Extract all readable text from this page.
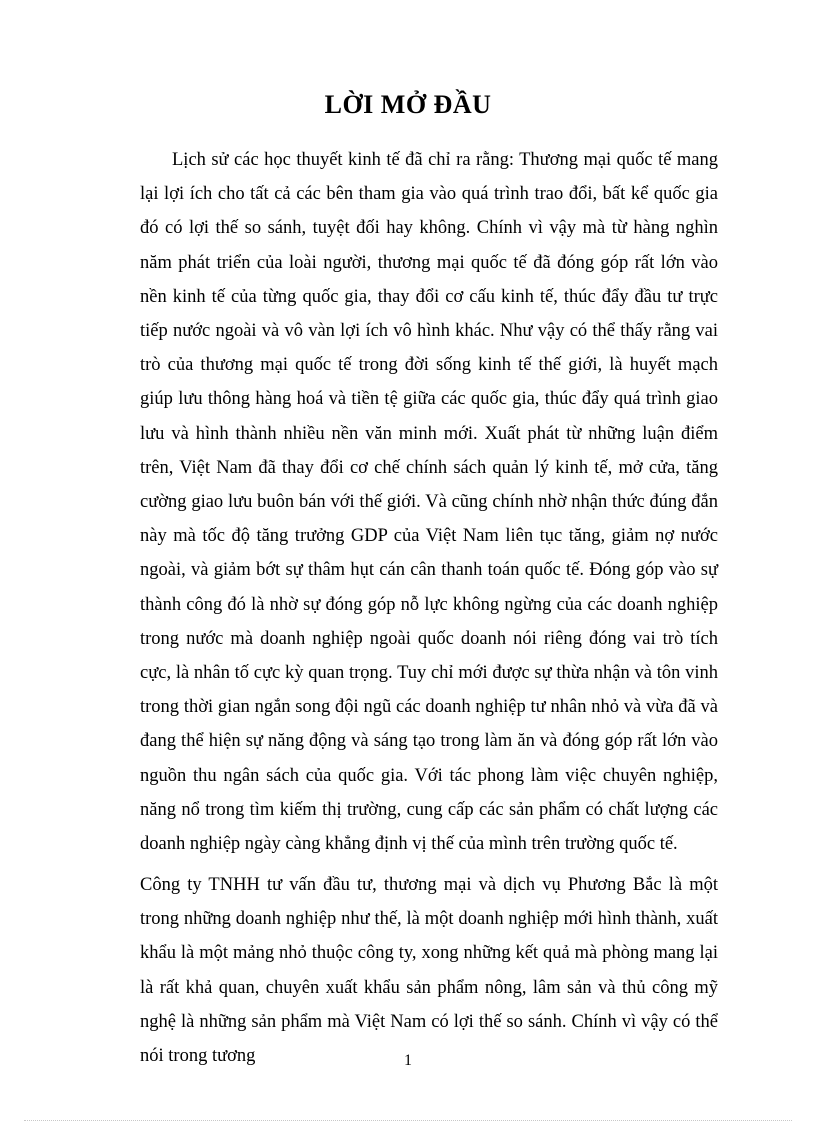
LỜI MỞ ĐẦU

Lịch sử các học thuyết kinh tế đã chỉ ra rằng: Thương mại quốc tế mang lại lợi ích cho tất cả các bên tham gia vào quá trình trao đổi, bất kể quốc gia đó có lợi thế so sánh, tuyệt đối hay không. Chính vì vậy mà từ hàng nghìn năm phát triển của loài người, thương mại quốc tế đã đóng góp rất lớn vào nền kinh tế của từng quốc gia, thay đổi cơ cấu kinh tế, thúc đẩy đầu tư trực tiếp nước ngoài và vô vàn lợi ích vô hình khác. Như vậy có thể thấy rằng vai trò của thương mại quốc tế trong đời sống kinh tế thế giới, là huyết mạch giúp lưu thông hàng hoá và tiền tệ giữa các quốc gia, thúc đẩy quá trình giao lưu và hình thành nhiều nền văn minh mới. Xuất phát từ những luận điểm trên, Việt Nam đã thay đổi cơ chế chính sách quản lý kinh tế, mở cửa, tăng cường giao lưu buôn bán với thế giới. Và cũng chính nhờ nhận thức đúng đắn này mà tốc độ tăng trưởng GDP của Việt Nam liên tục tăng, giảm nợ nước ngoài, và giảm bớt sự thâm hụt cán cân thanh toán quốc tế. Đóng góp vào sự thành công đó là nhờ sự đóng góp nỗ lực không ngừng của các doanh nghiệp trong nước mà doanh nghiệp ngoài quốc doanh nói riêng đóng vai trò tích cực, là nhân tố cực kỳ quan trọng. Tuy chỉ mới được sự thừa nhận và tôn vinh trong thời gian ngắn song đội ngũ các doanh nghiệp tư nhân nhỏ và vừa đã và đang thể hiện sự năng động và sáng tạo trong làm ăn và đóng góp rất lớn vào nguồn thu ngân sách của quốc gia. Với tác phong làm việc chuyên nghiệp, năng nổ trong tìm kiếm thị trường, cung cấp các sản phẩm có chất lượng các doanh nghiệp ngày càng khẳng định vị thế của mình trên trường quốc tế.

Công ty TNHH tư vấn đầu tư, thương mại và dịch vụ Phương Bắc là một trong những doanh nghiệp như thế, là một doanh nghiệp mới hình thành, xuất khẩu là một mảng nhỏ thuộc công ty, xong những kết quả mà phòng mang lại là rất khả quan, chuyên xuất khẩu sản phẩm nông, lâm sản và thủ công mỹ nghệ là những sản phẩm mà Việt Nam có lợi thế so sánh. Chính vì vậy có thể nói trong tương	1
